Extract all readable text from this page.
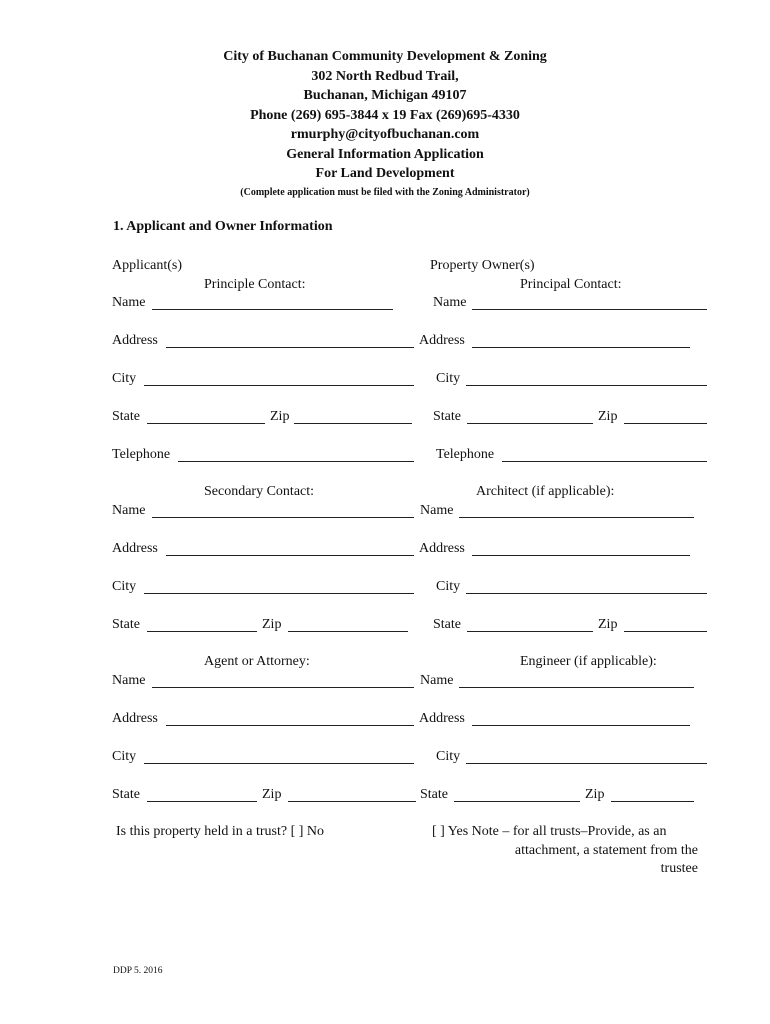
City of Buchanan Community Development & Zoning
302 North Redbud Trail,
Buchanan, Michigan 49107
Phone (269) 695-3844 x 19 Fax (269)695-4330
rmurphy@cityofbuchanan.com
General Information Application
For Land Development
(Complete application must be filed with the Zoning Administrator)
1. Applicant and Owner Information
Applicant(s)	Property Owner(s)
Principle Contact:	Principal Contact:
Name	Name
Address	Address
City	City
State	Zip	State	Zip
Telephone	Telephone
Secondary Contact:	Architect (if applicable):
Name	Name
Address	Address
City	City
State	Zip	State	Zip
Agent or Attorney:	Engineer (if applicable):
Name	Name
Address	Address
City	City
State	Zip	State	Zip
Is this property held in a trust? [ ] No	[ ] Yes Note – for all trusts–Provide, as an
attachment, a statement from the
trustee
DDP 5. 2016
